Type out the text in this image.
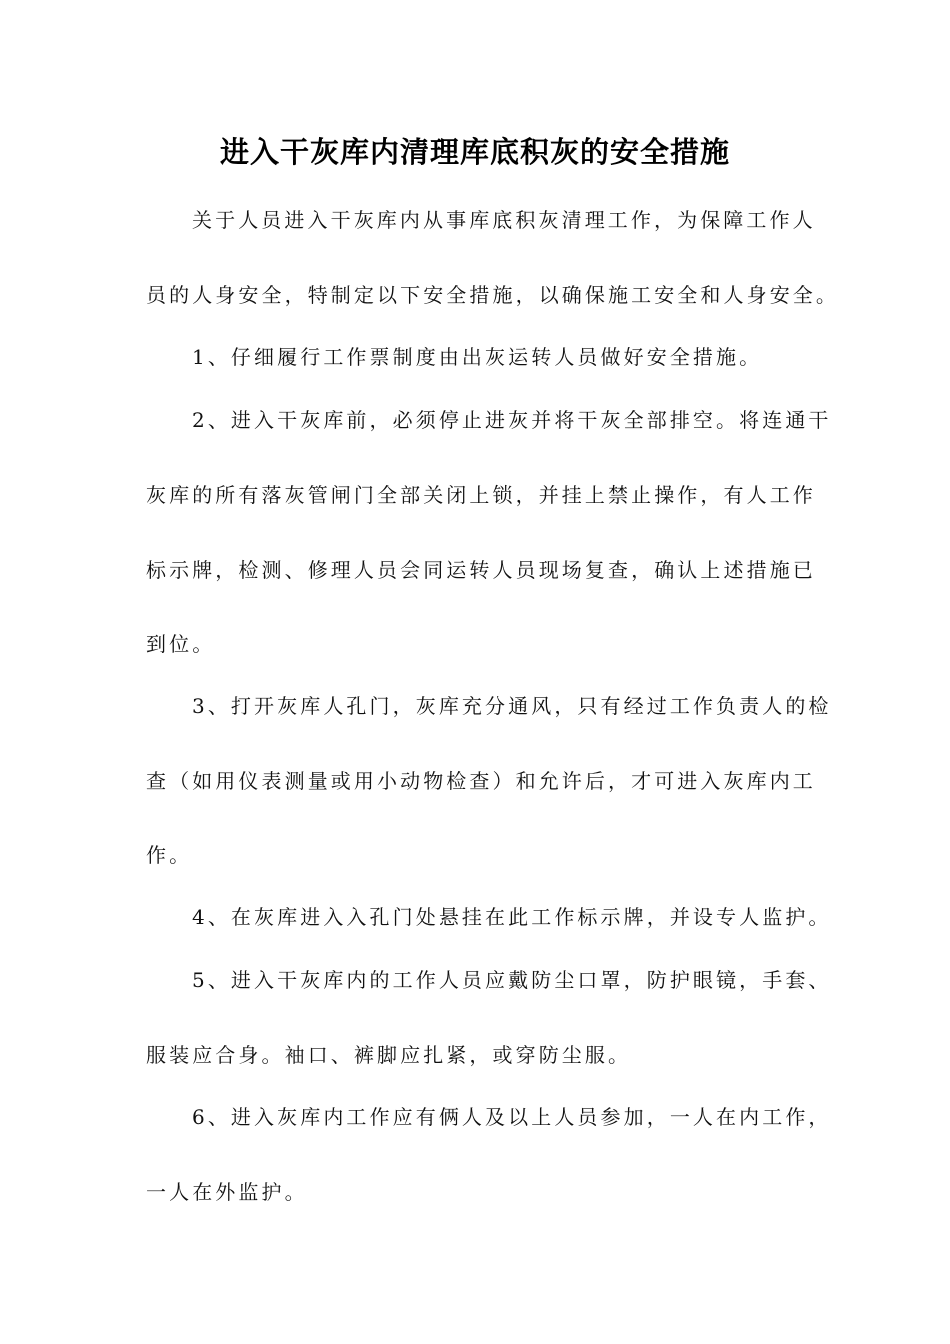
进入干灰库内清理库底积灰的安全措施
关于人员进入干灰库内从事库底积灰清理工作，为保障工作人
员的人身安全，特制定以下安全措施，以确保施工安全和人身安全。
1、仔细履行工作票制度由出灰运转人员做好安全措施。
2、进入干灰库前，必须停止进灰并将干灰全部排空。将连通干
灰库的所有落灰管闸门全部关闭上锁，并挂上禁止操作，有人工作
标示牌，检测、修理人员会同运转人员现场复查，确认上述措施已
到位。
3、打开灰库人孔门，灰库充分通风，只有经过工作负责人的检
查（如用仪表测量或用小动物检查）和允许后，才可进入灰库内工
作。
4、在灰库进入入孔门处悬挂在此工作标示牌，并设专人监护。
5、进入干灰库内的工作人员应戴防尘口罩，防护眼镜，手套、
服装应合身。袖口、裤脚应扎紧，或穿防尘服。
6、进入灰库内工作应有俩人及以上人员参加，一人在内工作，
一人在外监护。
